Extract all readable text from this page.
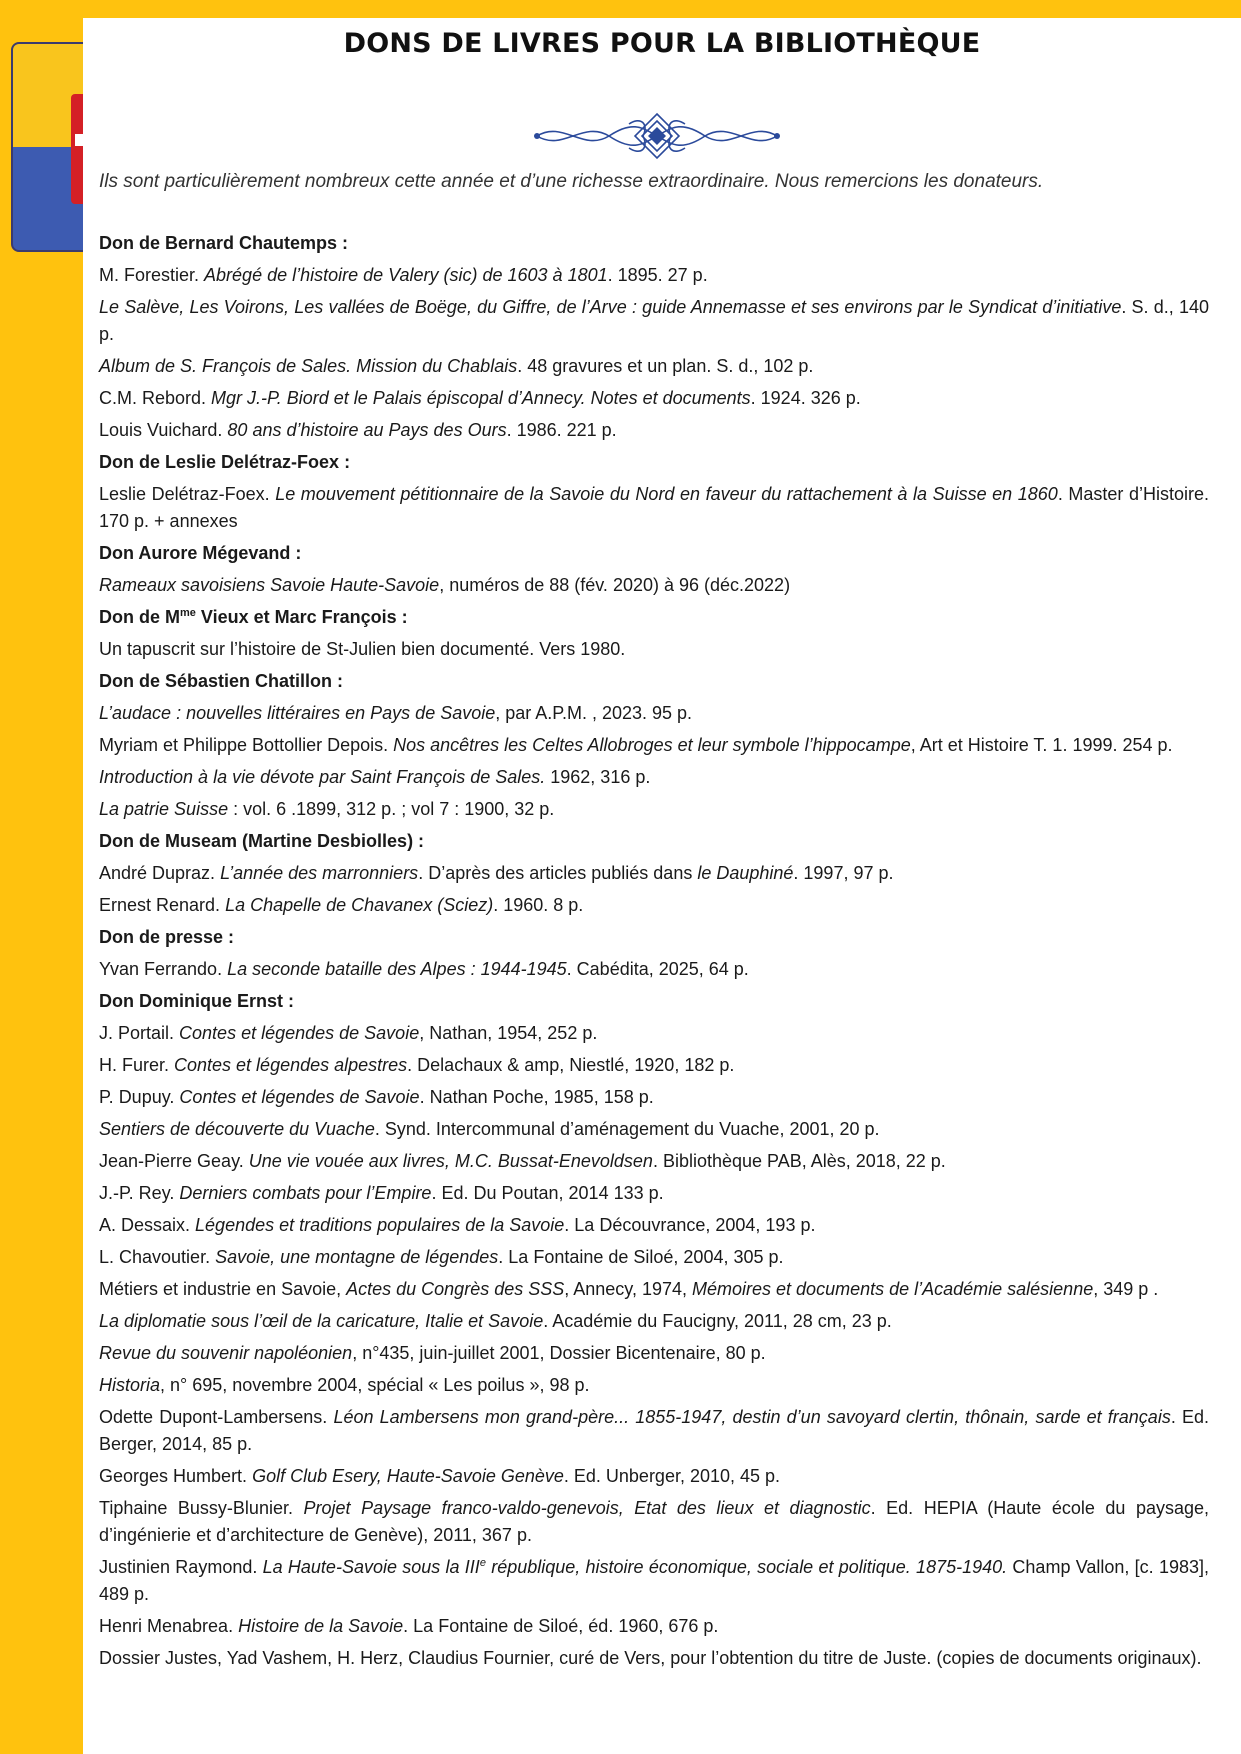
DONS DE LIVRES POUR LA BIBLIOTHÈQUE

Ils sont particulièrement nombreux cette année et d’une richesse extraordinaire. Nous remercions les donateurs.

Don de Bernard Chautemps :

M. Forestier. Abrégé de l’histoire de Valery (sic) de 1603 à 1801. 1895. 27 p.

Le Salève, Les Voirons, Les vallées de Boëge, du Giffre, de l’Arve : guide Annemasse et ses environs par le Syndicat d’initiative. S. d., 140 p.

Album de S. François de Sales. Mission du Chablais. 48 gravures et un plan. S. d., 102 p.

C.M. Rebord. Mgr J.-P. Biord et le Palais épiscopal d’Annecy. Notes et documents. 1924. 326 p.

Louis Vuichard. 80 ans d’histoire au Pays des Ours. 1986. 221 p.

Don de Leslie Delétraz-Foex :

Leslie Delétraz-Foex. Le mouvement pétitionnaire de la Savoie du Nord en faveur du rattachement à la Suisse en 1860. Master d’Histoire. 170 p. + annexes

Don Aurore Mégevand :

Rameaux savoisiens Savoie Haute-Savoie, numéros de 88 (fév. 2020) à 96 (déc.2022)

Don de $M^{me}$ Vieux et Marc François :

Un tapuscrit sur l’histoire de St-Julien bien documenté. Vers 1980.

Don de Sébastien Chatillon :

L’audace : nouvelles littéraires en Pays de Savoie, par A.P.M. , 2023. 95 p.

Myriam et Philippe Bottollier Depois. Nos ancêtres les Celtes Allobroges et leur symbole l’hippocampe, Art et Histoire T. 1. 1999. 254 p.

Introduction à la vie dévote par Saint François de Sales. 1962, 316 p.

La patrie Suisse : vol. 6 .1899, 312 p. ; vol 7 : 1900, 32 p.

Don de Museam (Martine Desbiolles) :

André Dupraz. L’année des marronniers. D’après des articles publiés dans le Dauphiné. 1997, 97 p.

Ernest Renard. La Chapelle de Chavanex (Sciez). 1960. 8 p.

Don de presse :

Yvan Ferrando. La seconde bataille des Alpes : 1944-1945. Cabédita, 2025, 64 p.

Don Dominique Ernst :

J. Portail. Contes et légendes de Savoie, Nathan, 1954, 252 p.

H. Furer. Contes et légendes alpestres. Delachaux & amp, Niestlé, 1920, 182 p.

P. Dupuy. Contes et légendes de Savoie. Nathan Poche, 1985, 158 p.

Sentiers de découverte du Vuache. Synd. Intercommunal d’aménagement du Vuache, 2001, 20 p.

Jean-Pierre Geay. Une vie vouée aux livres, M.C. Bussat-Enevoldsen. Bibliothèque PAB, Alès, 2018, 22 p.

J.-P. Rey. Derniers combats pour l’Empire. Ed. Du Poutan, 2014 133 p.

A. Dessaix. Légendes et traditions populaires de la Savoie. La Découvrance, 2004, 193 p.

L. Chavoutier. Savoie, une montagne de légendes. La Fontaine de Siloé, 2004, 305 p.

Métiers et industrie en Savoie, Actes du Congrès des SSS, Annecy, 1974, Mémoires et documents de l’Académie salésienne, 349 p .

La diplomatie sous l’œil de la caricature, Italie et Savoie. Académie du Faucigny, 2011, 28 cm, 23 p.

Revue du souvenir napoléonien, n°435, juin-juillet 2001, Dossier Bicentenaire, 80 p.

Historia, n° 695, novembre 2004, spécial « Les poilus », 98 p.

Odette Dupont-Lambersens. Léon Lambersens mon grand-père... 1855-1947, destin d’un savoyard clertin, thônain, sarde et français. Ed. Berger, 2014, 85 p.

Georges Humbert. Golf Club Esery, Haute-Savoie Genève. Ed. Unberger, 2010, 45 p.

Tiphaine Bussy-Blunier. Projet Paysage franco-valdo-genevois, Etat des lieux et diagnostic. Ed. HEPIA (Haute école du paysage, d’ingénierie et d’architecture de Genève), 2011, 367 p.

Justinien Raymond. La Haute-Savoie sous la IIIe république, histoire économique, sociale et politique. 1875-1940. Champ Vallon, [c. 1983], 489 p.

Henri Menabrea. Histoire de la Savoie. La Fontaine de Siloé, éd. 1960, 676 p.

Dossier Justes, Yad Vashem, H. Herz, Claudius Fournier, curé de Vers, pour l’obtention du titre de Juste. (copies de documents originaux).
